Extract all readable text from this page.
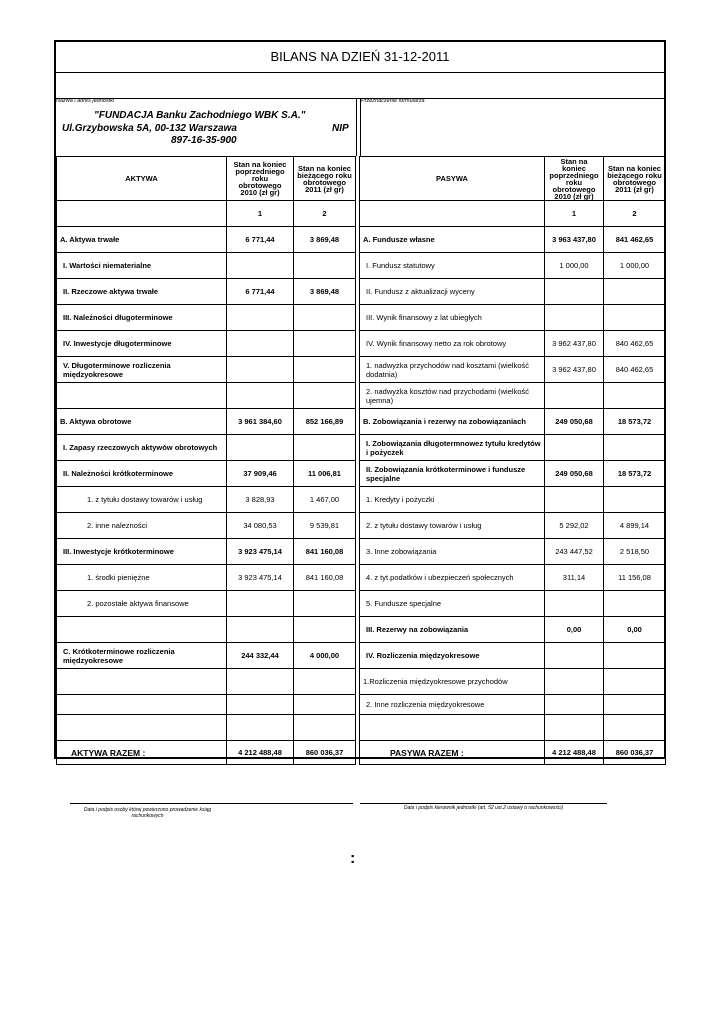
BILANS NA DZIEŃ 31-12-2011
Nazwa i adres jednostki
"FUNDACJA Banku Zachodniego WBK S.A."
Ul.Grzybowska 5A, 00-132 Warszawa	NIP
897-16-35-900
Przeznaczenie formularza
AKTYWA	Stan na koniec poprzedniego roku obrotowego 2010 (zł gr)	Stan na koniec bieżącego roku obrotowego 2011 (zł gr)
	1	2
A. Aktywa trwałe	6 771,44	3 869,48
I. Wartości niematerialne		
II. Rzeczowe aktywa trwałe	6 771,44	3 869,48
III. Należności długoterminowe		
IV. Inwestycje długoterminowe		
V. Długoterminowe rozliczenia międzyokresowe		

B. Aktywa obrotowe	3 961 384,60	852 166,89
I. Zapasy rzeczowych aktywów obrotowych		
II. Należności krótkoterminowe	37 909,46	11 006,81
1. z tytułu dostawy towarów i usług	3 828,93	1 467,00
2. inne nalezności	34 080,53	9 539,81
III. Inwestycje krótkoterminowe	3 923 475,14	841 160,08
1. środki pieniężne	3 923 475,14	841 160,08
2. pozostałe aktywa finansowe		

C. Krótkoterminowe rozliczenia międzyokresowe	244 332,44	4 000,00

AKTYWA RAZEM :	4 212 488,48	860 036,37
PASYWA	Stan na koniec poprzedniego roku obrotowego 2010 (zł gr)	Stan na koniec bieżącego roku obrotowego 2011 (zł gr)
	1	2
A. Fundusze własne	3 963 437,80	841 462,65
I. Fundusz statutowy	1 000,00	1 000,00
II. Fundusz z aktualizacji wyceny		
III. Wynik finansowy z lat ubiegłych		
IV. Wynik finansowy netto za rok obrotowy	3 962 437,80	840 462,65
1. nadwyżka przychodów nad kosztami (wielkość dodatnia)	3 962 437,80	840 462,65
2. nadwyżka kosztów nad przychodami (wielkość ujemna)		
B. Zobowiązania i rezerwy na zobowiązaniach	249 050,68	18 573,72
I. Zobowiązania długotermnowez tytułu kredytów i pożyczek		
II. Zobowiązania krótkoterminowe i fundusze specjalne	249 050,68	18 573,72
1. Kredyty i pożyczki		
2. z tytułu dostawy towarów i usług	5 292,02	4 899,14
3. Inne zobowiązania	243 447,52	2 518,50
4. z tyt.podatków i ubezpieczeń społecznych	311,14	11 156,08
5. Fundusze specjalne		
III. Rezerwy na zobowiązania	0,00	0,00
IV. Rozliczenia międzyokresowe		
1.Rozliczenia międzyokresowe przychodów		
2. Inne rozliczenia międzyokresowe		

PASYWA RAZEM :	4 212 488,48	860 036,37
Data i podpis osoby której powierzono prowadzenie ksiąg rachunkowych
Data i podpis kierownik jednostki (art. 52 ust.2 ustawy o rachunkowości)
:
